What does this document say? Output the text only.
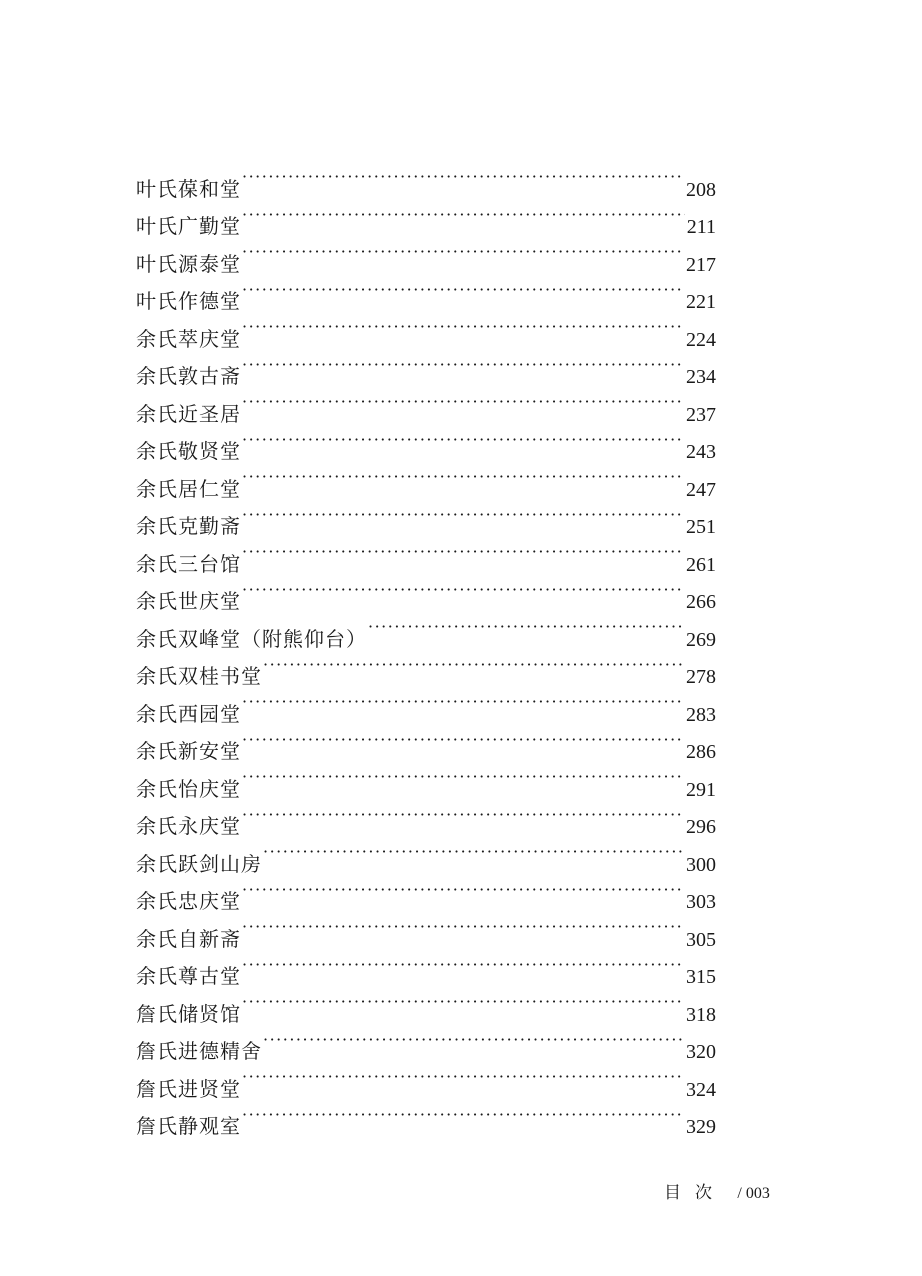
叶氏葆和堂 ·····	208
叶氏广勤堂 ·····	211
叶氏源泰堂 ·····	217
叶氏作德堂 ·····	221
余氏萃庆堂 ·····	224
余氏敦古斋 ·····	234
余氏近圣居 ·····	237
余氏敬贤堂 ·····	243
余氏居仁堂 ·····	247
余氏克勤斋 ·····	251
余氏三台馆 ·····	261
余氏世庆堂 ·····	266
余氏双峰堂（附熊仰台） ·····	269
余氏双桂书堂 ·····	278
余氏西园堂 ·····	283
余氏新安堂 ·····	286
余氏怡庆堂 ·····	291
余氏永庆堂 ·····	296
余氏跃剑山房 ·····	300
余氏忠庆堂 ·····	303
余氏自新斋 ·····	305
余氏尊古堂 ·····	315
詹氏储贤馆 ·····	318
詹氏进德精舍 ·····	320
詹氏进贤堂 ·····	324
詹氏静观室 ·····	329
目次 / 003
